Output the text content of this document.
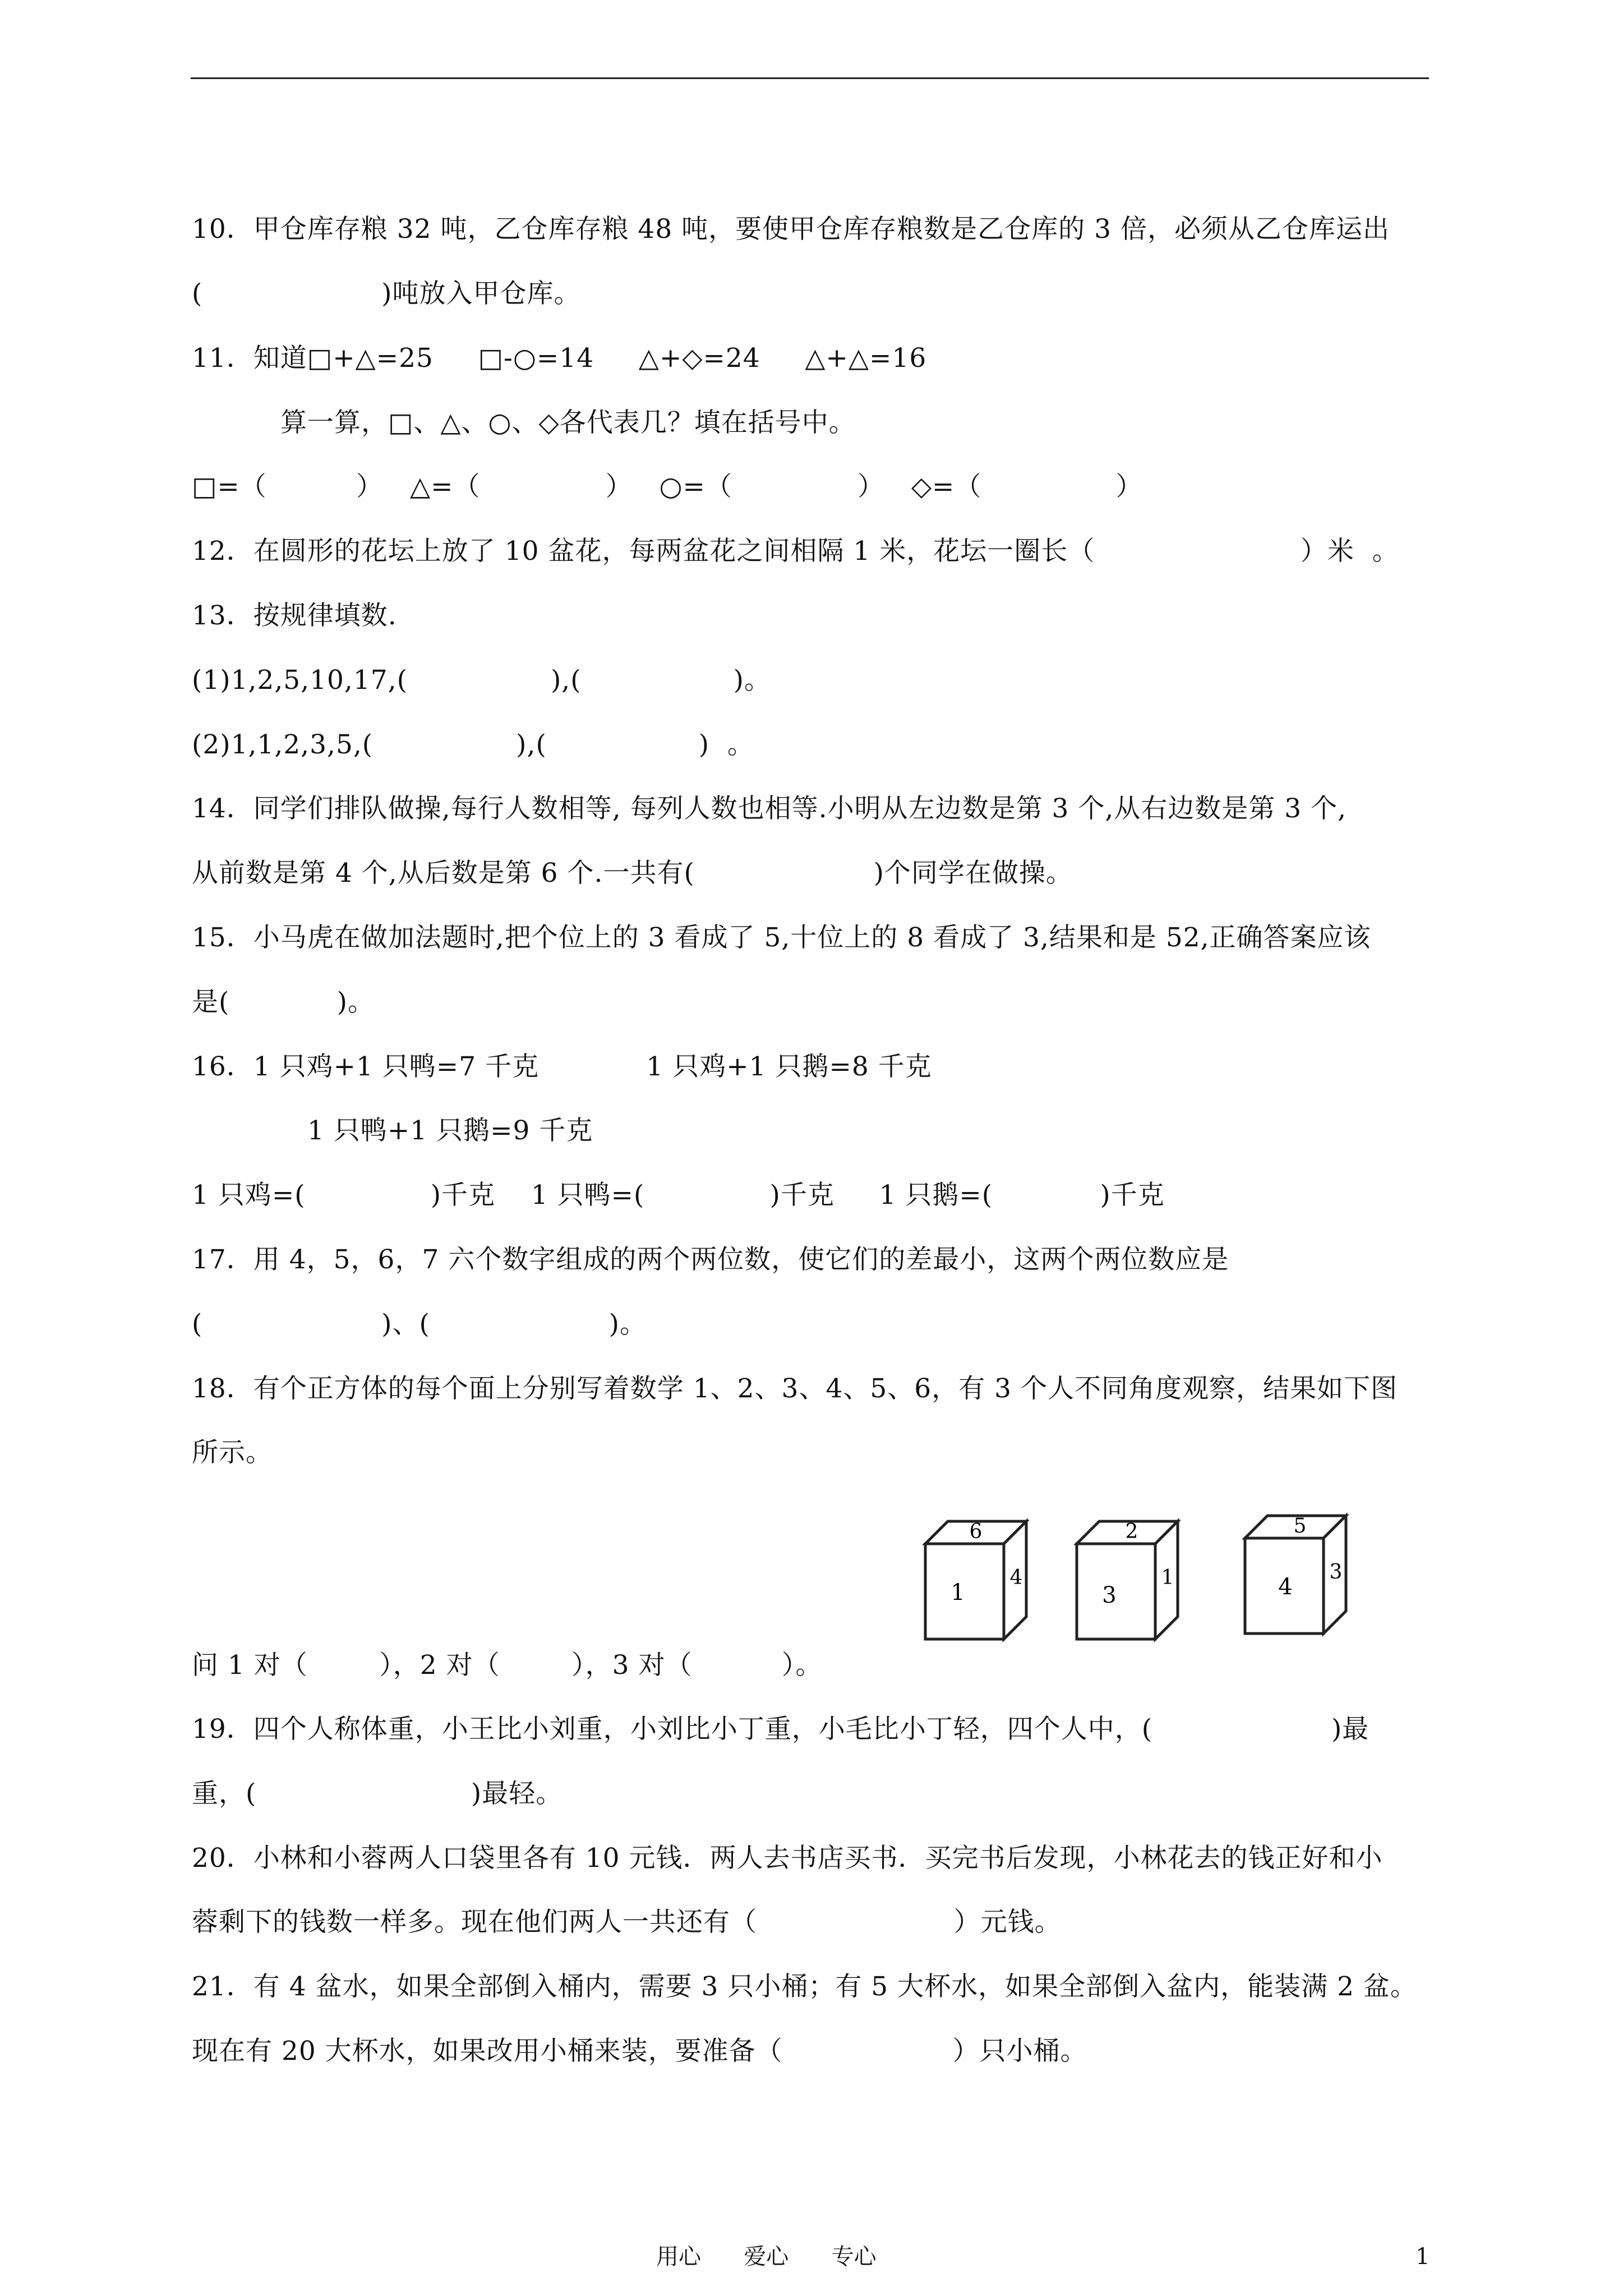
10．甲仓库存粮 32 吨，乙仓库存粮 48 吨，要使甲仓库存粮数是乙仓库的 3 倍，必须从乙仓库运出
(                    )吨放入甲仓库。
11．知道□+△=25     □-○=14     △+◇=24     △+△=16
算一算，□、△、○、◇各代表几？填在括号中。
□=（          ）   △=（              ）   ○=（              ）   ◇=（               ）
12．在圆形的花坛上放了 10 盆花，每两盆花之间相隔 1 米，花坛一圈长（                       ）米  。
13．按规律填数.
(1)1,2,5,10,17,(                ),(                 )。
(2)1,1,2,3,5,(                ),(                 )  。
14．同学们排队做操,每行人数相等, 每列人数也相等.小明从左边数是第 3 个,从右边数是第 3 个,
从前数是第 4 个,从后数是第 6 个.一共有(                    )个同学在做操。
15．小马虎在做加法题时,把个位上的 3 看成了 5,十位上的 8 看成了 3,结果和是 52,正确答案应该
是(            )。
16．1 只鸡+1 只鸭=7 千克            1 只鸡+1 只鹅=8 千克
1 只鸭+1 只鹅=9 千克
1 只鸡=(              )千克    1 只鸭=(              )千克     1 只鹅=(            )千克
17．用 4，5，6，7 六个数字组成的两个两位数，使它们的差最小，这两个两位数应是
(                    )、(                    )。
18．有个正方体的每个面上分别写着数学 1、2、3、4、5、6，有 3 个人不同角度观察，结果如下图
所示。
6
1
4
2
3
1
5
4
3
问 1 对（        ），2 对（        ），3 对（          ）。
19．四个人称体重，小王比小刘重，小刘比小丁重，小毛比小丁轻，四个人中，(                    )最
重，(                        )最轻。
20．小林和小蓉两人口袋里各有 10 元钱．两人去书店买书．买完书后发现，小林花去的钱正好和小
蓉剩下的钱数一样多。现在他们两人一共还有（                      ）元钱。
21．有 4 盆水，如果全部倒入桶内，需要 3 只小桶；有 5 大杯水，如果全部倒入盆内，能装满 2 盆。
现在有 20 大杯水，如果改用小桶来装，要准备（                   ）只小桶。
用心      爱心      专心	1
